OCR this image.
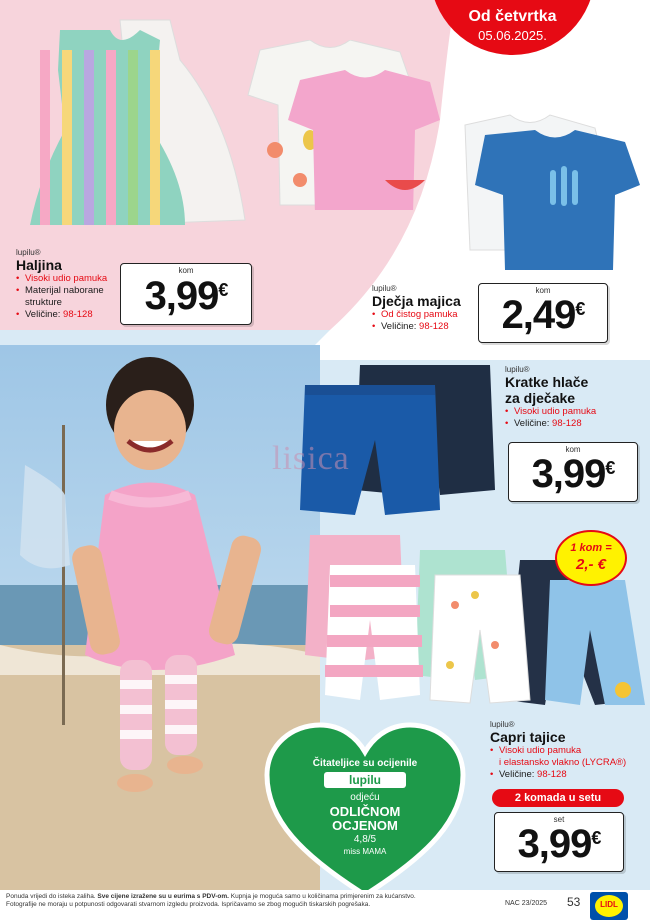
Od četvrtka
05.06.2025.
lisica
lupilu®
Haljina
• Visoki udio pamuka
• Materijal naborane strukture
• Veličine: 98-128
kom
3,99€	lupilu®
Dječja majica
• Od čistog pamuka
• Veličine: 98-128
kom
2,49€
lupilu®
Kratke hlače
za dječake
• Visoki udio pamuka
• Veličine: 98-128
kom
3,99€
1 kom =
2,- €
lupilu®
Capri tajice
• Visoki udio pamuka
i elastansko vlakno (LYCRA®)
• Veličine: 98-128
2 komada u setu
set
3,99€
Čitateljice su ocijenile
lupilu
odjeću
ODLIČNOM
OCJENOM
4,8/5
miss MAMA
Ponuda vrijedi do isteka zaliha. Sve cijene izražene su u eurima s PDV-om. Kupnja je moguća samo u količinama primjerenim za kućanstvo.
Fotografije ne moraju u potpunosti odgovarati stvarnom izgledu proizvoda. Ispričavamo se zbog mogućih tiskarskih pogrešaka.	NAC 23/2025 53	LIDL
